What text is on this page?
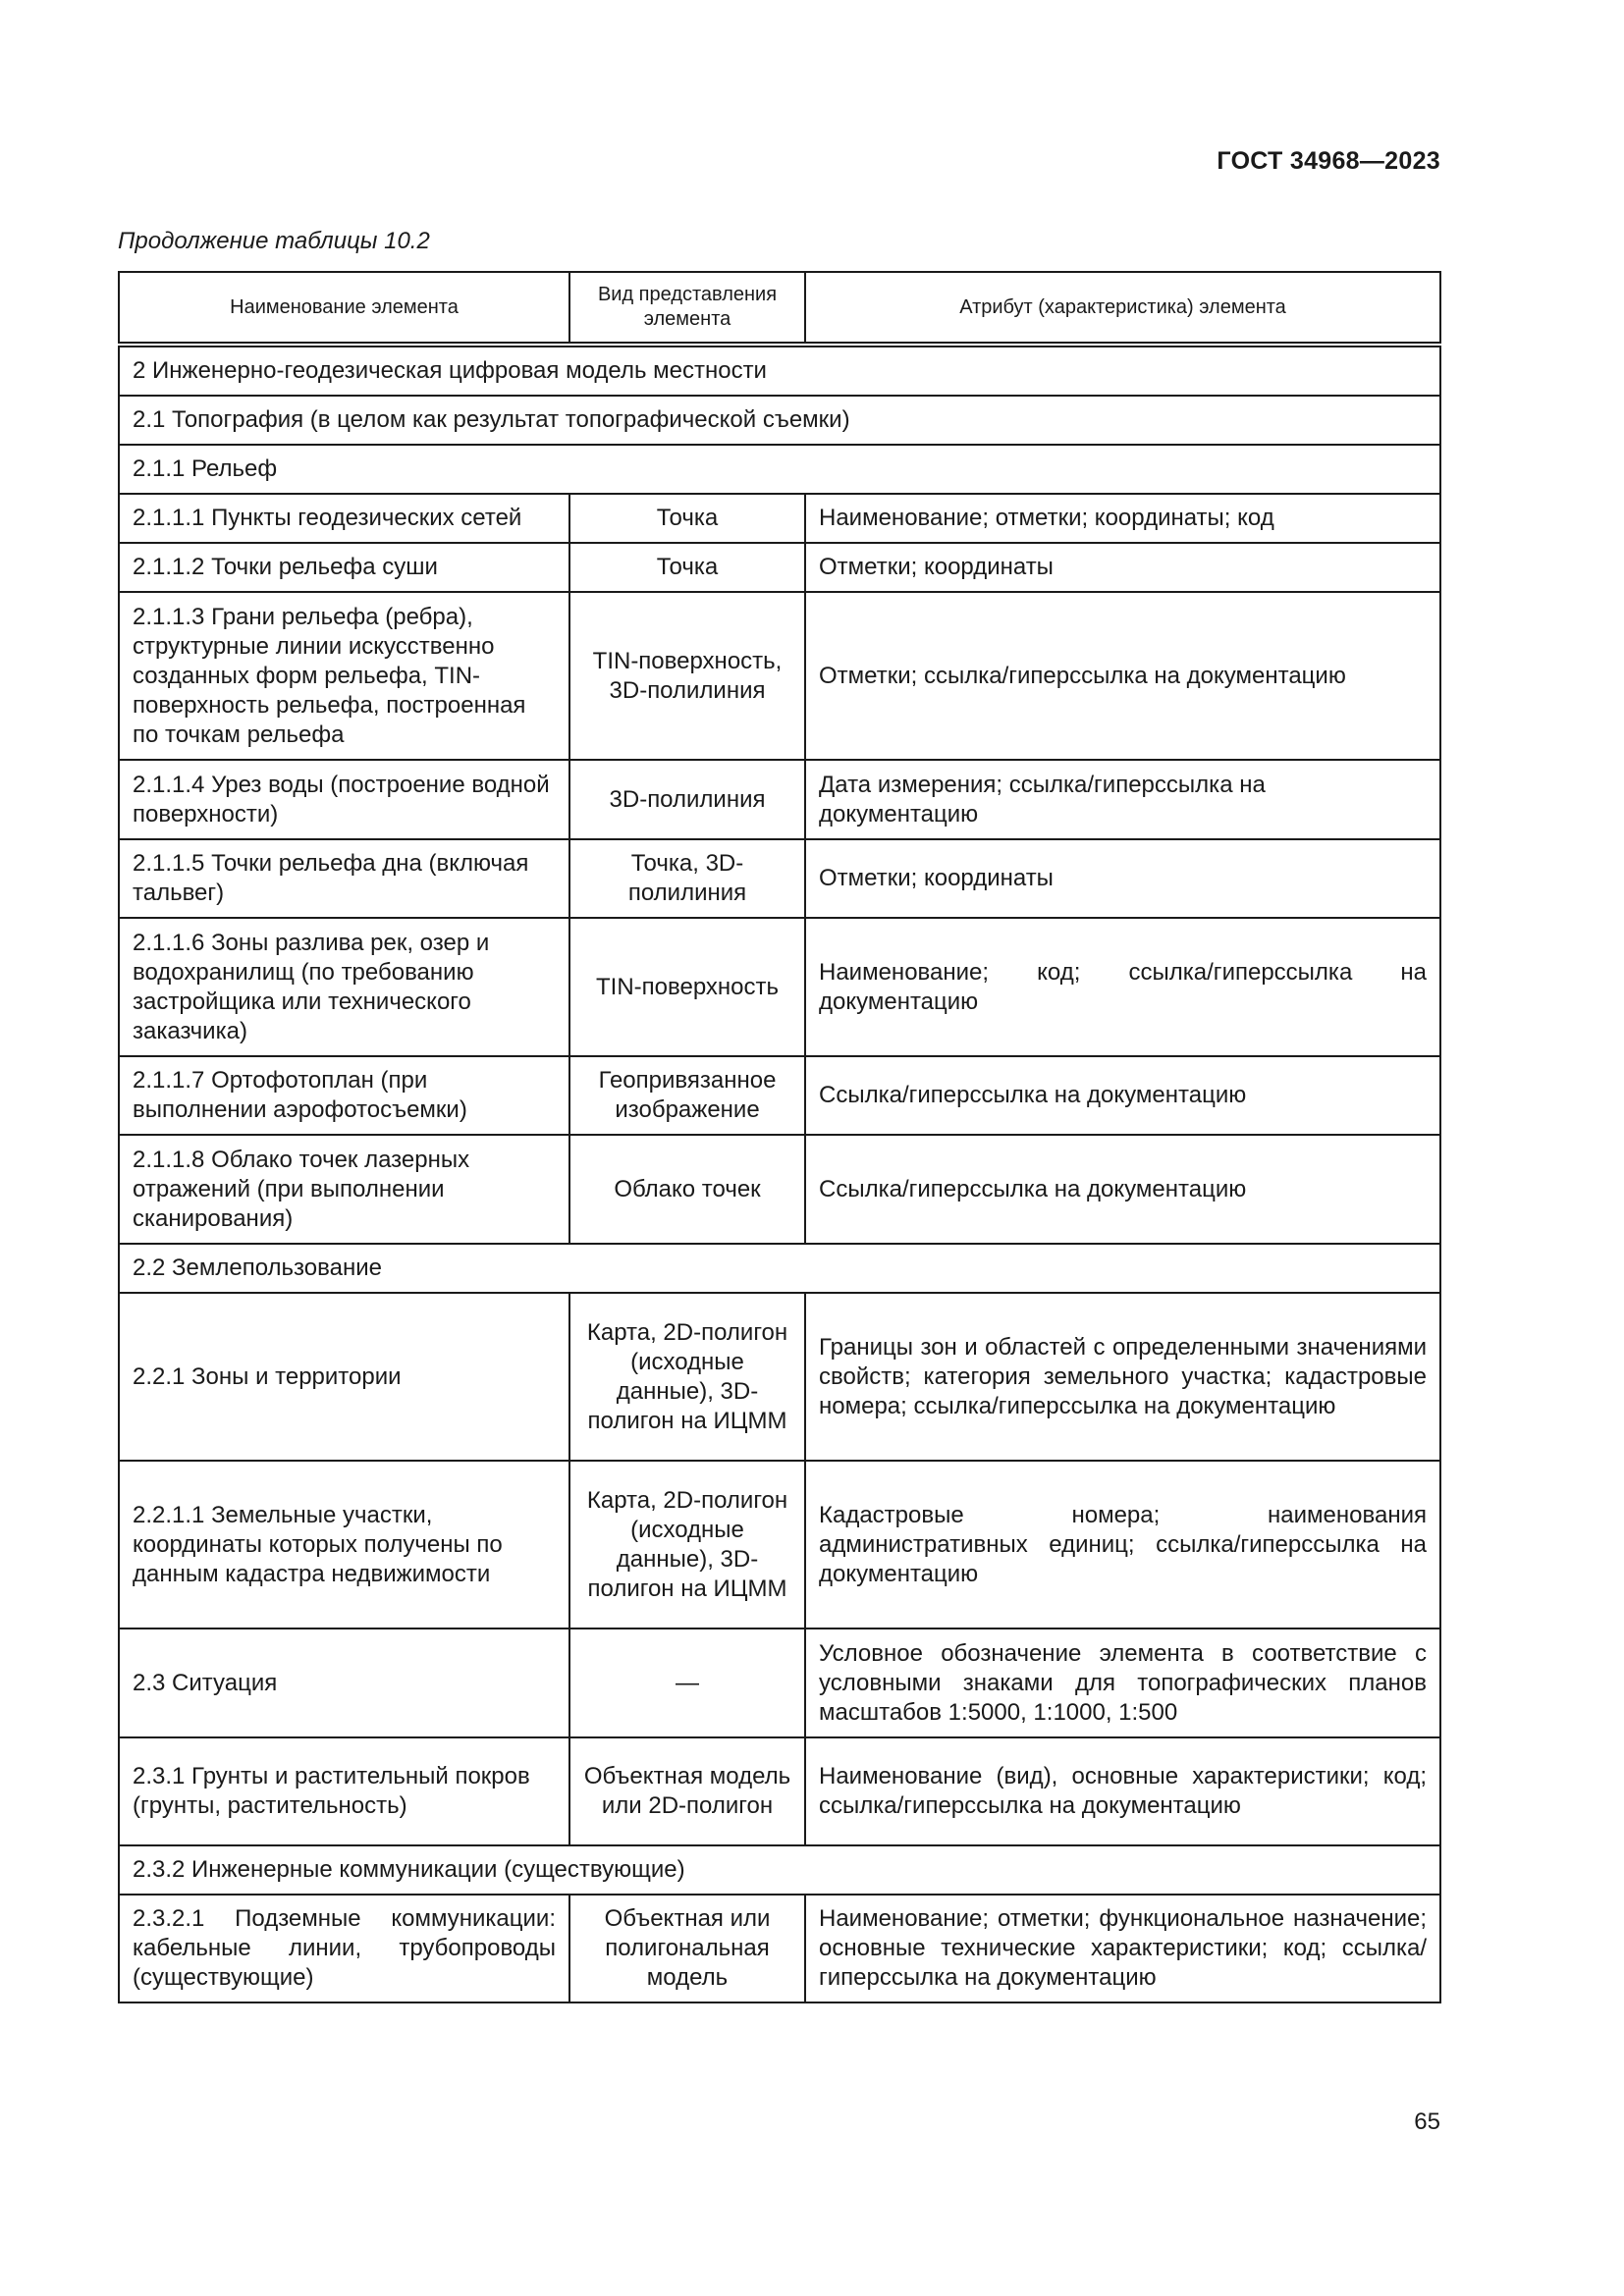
ГОСТ 34968—2023
Продолжение таблицы 10.2
Наименование элемента	Вид представления элемента	Атрибут (характеристика) элемента
2 Инженерно-геодезическая цифровая модель местности		
2.1 Топография (в целом как результат топографической съемки)		
2.1.1 Рельеф		
2.1.1.1 Пункты геодезических сетей	Точка	Наименование; отметки; координаты; код
2.1.1.2 Точки рельефа суши	Точка	Отметки; координаты
2.1.1.3 Грани рельефа (ребра), структурные линии искусственно созданных форм рельефа, TIN-поверхность рельефа, построенная по точкам рельефа	TIN-поверхность, 3D-полилиния	Отметки; ссылка/гиперссылка на документацию
2.1.1.4 Урез воды (построение водной поверхности)	3D-полилиния	Дата измерения; ссылка/гиперссылка на документацию
2.1.1.5 Точки рельефа дна (включая тальвег)	Точка, 3D-полилиния	Отметки; координаты
2.1.1.6 Зоны разлива рек, озер и водохранилищ (по требованию застройщика или технического заказчика)	TIN-поверхность	Наименование; код; ссылка/гиперссылка на документацию
2.1.1.7 Ортофотоплан (при выполнении аэрофотосъемки)	Геопривязанное изображение	Ссылка/гиперссылка на документацию
2.1.1.8 Облако точек лазерных отражений (при выполнении сканирования)	Облако точек	Ссылка/гиперссылка на документацию
2.2 Землепользование		
2.2.1 Зоны и территории	Карта, 2D-полигон (исходные данные), 3D-полигон на ИЦММ	Границы зон и областей с определенными значениями свойств; категория земельного участка; кадастровые номера; ссылка/гиперссылка на документацию
2.2.1.1 Земельные участки, координаты которых получены по данным кадастра недвижимости	Карта, 2D-полигон (исходные данные), 3D-полигон на ИЦММ	Кадастровые номера; наименования административных единиц; ссылка/гиперссылка на документацию
2.3 Ситуация	—	Условное обозначение элемента в соответствие с условными знаками для топографических планов масштабов 1:5000, 1:1000, 1:500
2.3.1 Грунты и растительный покров (грунты, растительность)	Объектная модель или 2D-полигон	Наименование (вид), основные характеристики; код; ссылка/гиперссылка на документацию
2.3.2 Инженерные коммуникации (существующие)		
2.3.2.1 Подземные коммуникации: кабельные линии, трубопроводы (существующие)	Объектная или полигональная модель	Наименование; отметки; функциональное назначение; основные технические характеристики; код; ссылка/гиперссылка на документацию
65
